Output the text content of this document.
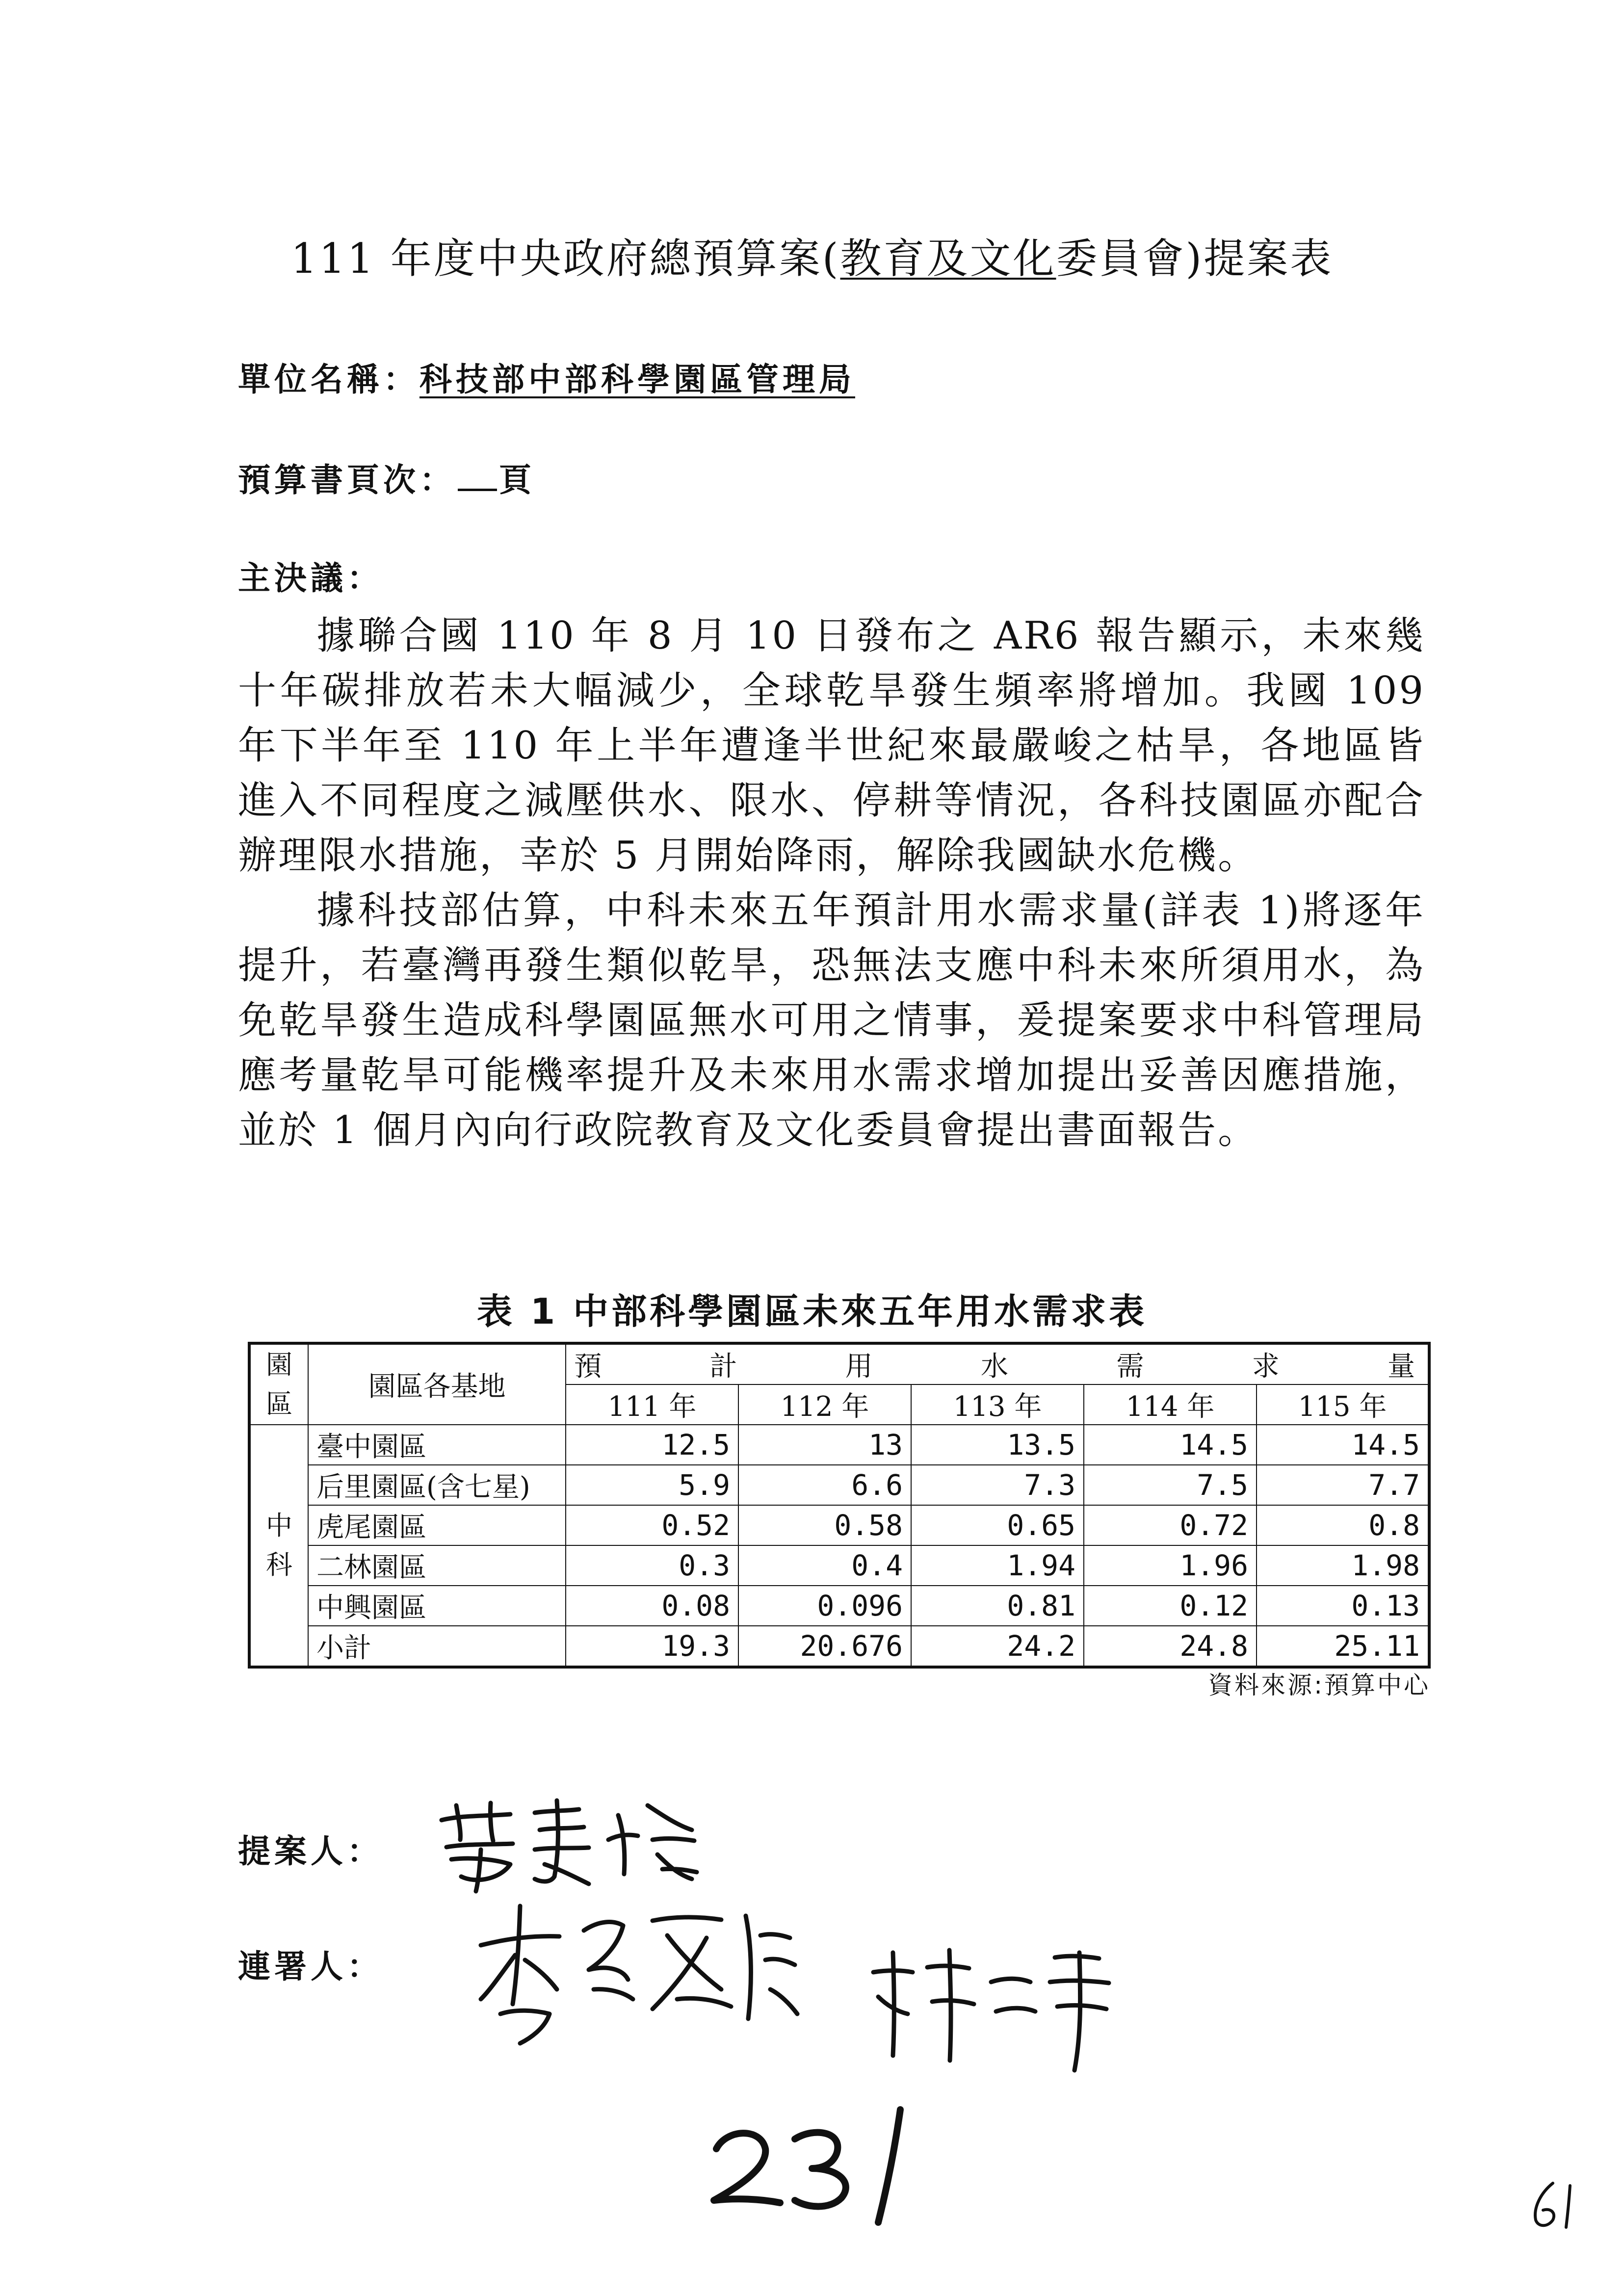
111 年度中央政府總預算案(教育及文化委員會)提案表
單位名稱：科技部中部科學園區管理局
預算書頁次： 頁
主決議：

據聯合國 110 年 8 月 10 日發布之 AR6 報告顯示，未來幾十年碳排放若未大幅減少，全球乾旱發生頻率將增加。我國 109 年下半年至 110 年上半年遭逢半世紀來最嚴峻之枯旱，各地區皆進入不同程度之減壓供水、限水、停耕等情況，各科技園區亦配合辦理限水措施，幸於 5 月開始降雨，解除我國缺水危機。

據科技部估算，中科未來五年預計用水需求量(詳表 1)將逐年提升，若臺灣再發生類似乾旱，恐無法支應中科未來所須用水，為免乾旱發生造成科學園區無水可用之情事，爰提案要求中科管理局應考量乾旱可能機率提升及未來用水需求增加提出妥善因應措施，並於 1 個月內向行政院教育及文化委員會提出書面報告。

表 1 中部科學園區未來五年用水需求表
園
區	園區各基地	預計用水需求量				
		111 年	112 年	113 年	114 年	115 年
中
科	臺中園區	12.5	13	13.5	14.5	14.5
	后里園區(含七星)	5.9	6.6	7.3	7.5	7.7
	虎尾園區	0.52	0.58	0.65	0.72	0.8
	二林園區	0.3	0.4	1.94	1.96	1.98
	中興園區	0.08	0.096	0.81	0.12	0.13
	小計	19.3	20.676	24.2	24.8	25.11
資料來源:預算中心
提案人：
連署人：
